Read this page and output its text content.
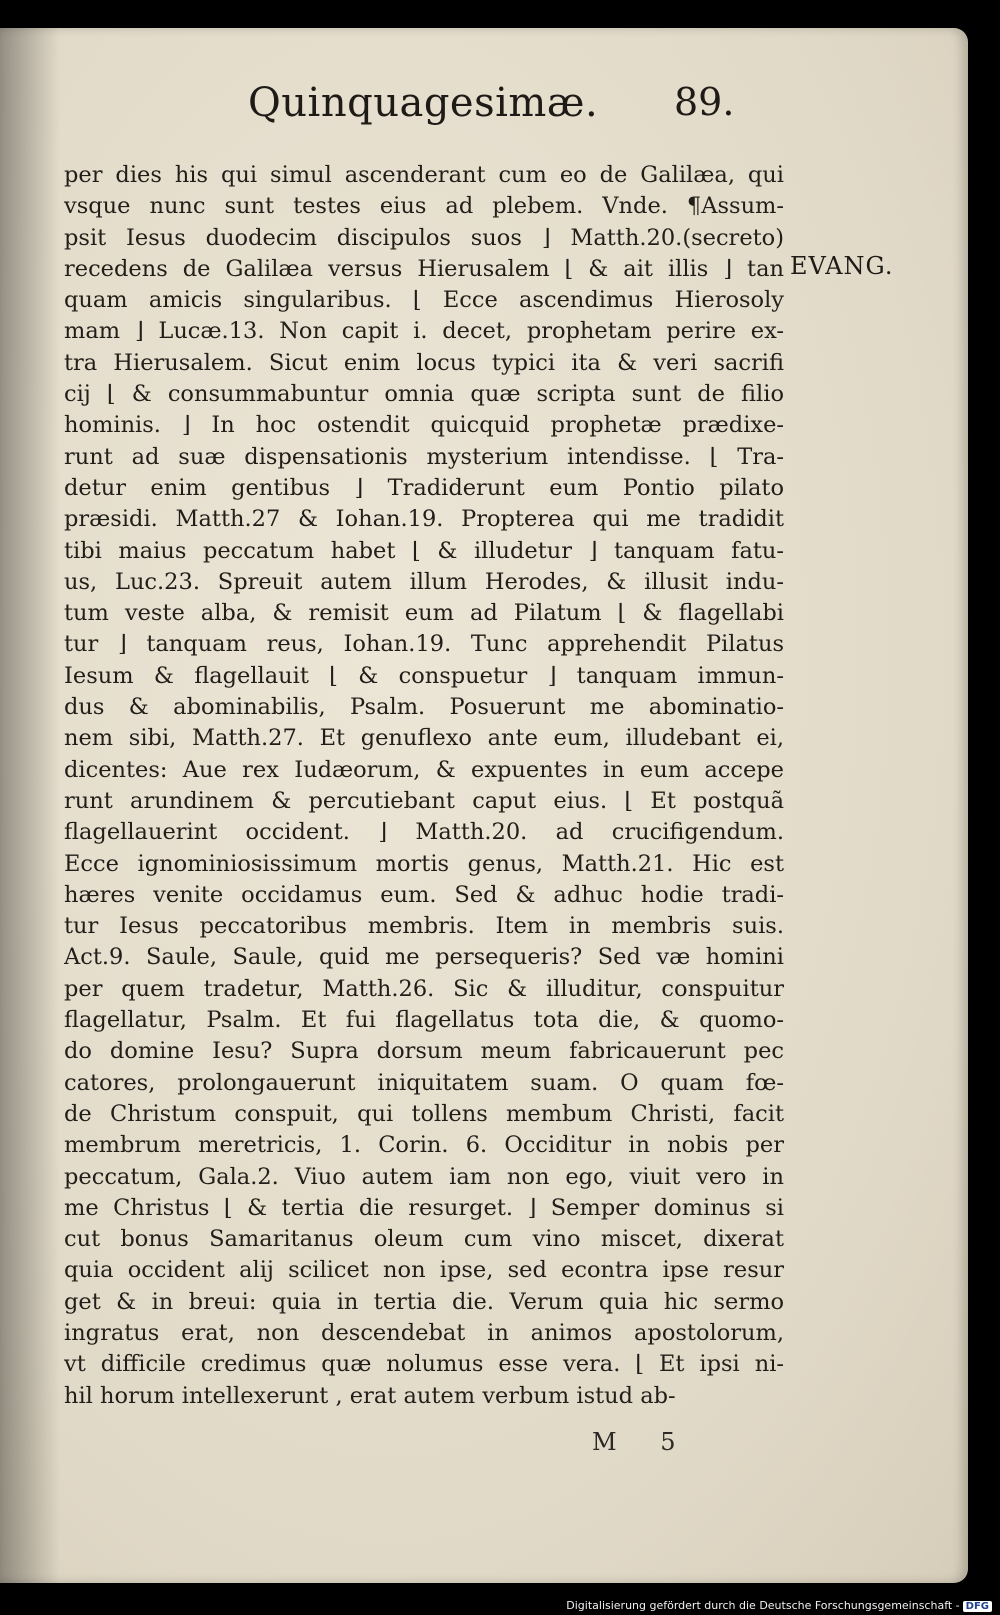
Quinquagesimæ. 89.
EVANG.
per dies his qui simul ascenderant cum eo de Galilæa, qui
vsque nunc sunt testes eius ad plebem. Vnde. ¶Assum-
psit Iesus duodecim discipulos suos ⌋ Matth.20.(secreto)
recedens de Galilæa versus Hierusalem ⌊ & ait illis ⌋ tan
quam amicis singularibus. ⌊ Ecce ascendimus Hierosoly
mam ⌋ Lucæ.13. Non capit i. decet, prophetam perire ex-
tra Hierusalem. Sicut enim locus typici ita & veri sacrifi
cij ⌊ & consummabuntur omnia quæ scripta sunt de filio
hominis. ⌋ In hoc ostendit quicquid prophetæ prædixe-
runt ad suæ dispensationis mysterium intendisse. ⌊ Tra-
detur enim gentibus ⌋ Tradiderunt eum Pontio pilato
præsidi. Matth.27 & Iohan.19. Propterea qui me tradidit
tibi maius peccatum habet ⌊ & illudetur ⌋ tanquam fatu-
us, Luc.23. Spreuit autem illum Herodes, & illusit indu-
tum veste alba, & remisit eum ad Pilatum ⌊ & flagellabi
tur ⌋ tanquam reus, Iohan.19. Tunc apprehendit Pilatus
Iesum & flagellauit ⌊ & conspuetur ⌋ tanquam immun-
dus & abominabilis, Psalm. Posuerunt me abominatio-
nem sibi, Matth.27. Et genuflexo ante eum, illudebant ei,
dicentes: Aue rex Iudæorum, & expuentes in eum accepe
runt arundinem & percutiebant caput eius. ⌊ Et postquã
flagellauerint occident. ⌋ Matth.20. ad crucifigendum.
Ecce ignominiosissimum mortis genus, Matth.21. Hic est
hæres venite occidamus eum. Sed & adhuc hodie tradi-
tur Iesus peccatoribus membris. Item in membris suis.
Act.9. Saule, Saule, quid me persequeris? Sed væ homini
per quem tradetur, Matth.26. Sic & illuditur, conspuitur
flagellatur, Psalm. Et fui flagellatus tota die, & quomo-
do domine Iesu? Supra dorsum meum fabricauerunt pec
catores, prolongauerunt iniquitatem suam. O quam fœ-
de Christum conspuit, qui tollens membum Christi, facit
membrum meretricis, 1. Corin. 6. Occiditur in nobis per
peccatum, Gala.2. Viuo autem iam non ego, viuit vero in
me Christus ⌊ & tertia die resurget. ⌋ Semper dominus si
cut bonus Samaritanus oleum cum vino miscet, dixerat
quia occident alij scilicet non ipse, sed econtra ipse resur
get & in breui: quia in tertia die. Verum quia hic sermo
ingratus erat, non descendebat in animos apostolorum,
vt difficile credimus quæ nolumus esse vera. ⌊ Et ipsi ni-
hil horum intellexerunt , erat autem verbum istud ab-
M 5
Digitalisierung gefördert durch die Deutsche Forschungsgemeinschaft - DFG
